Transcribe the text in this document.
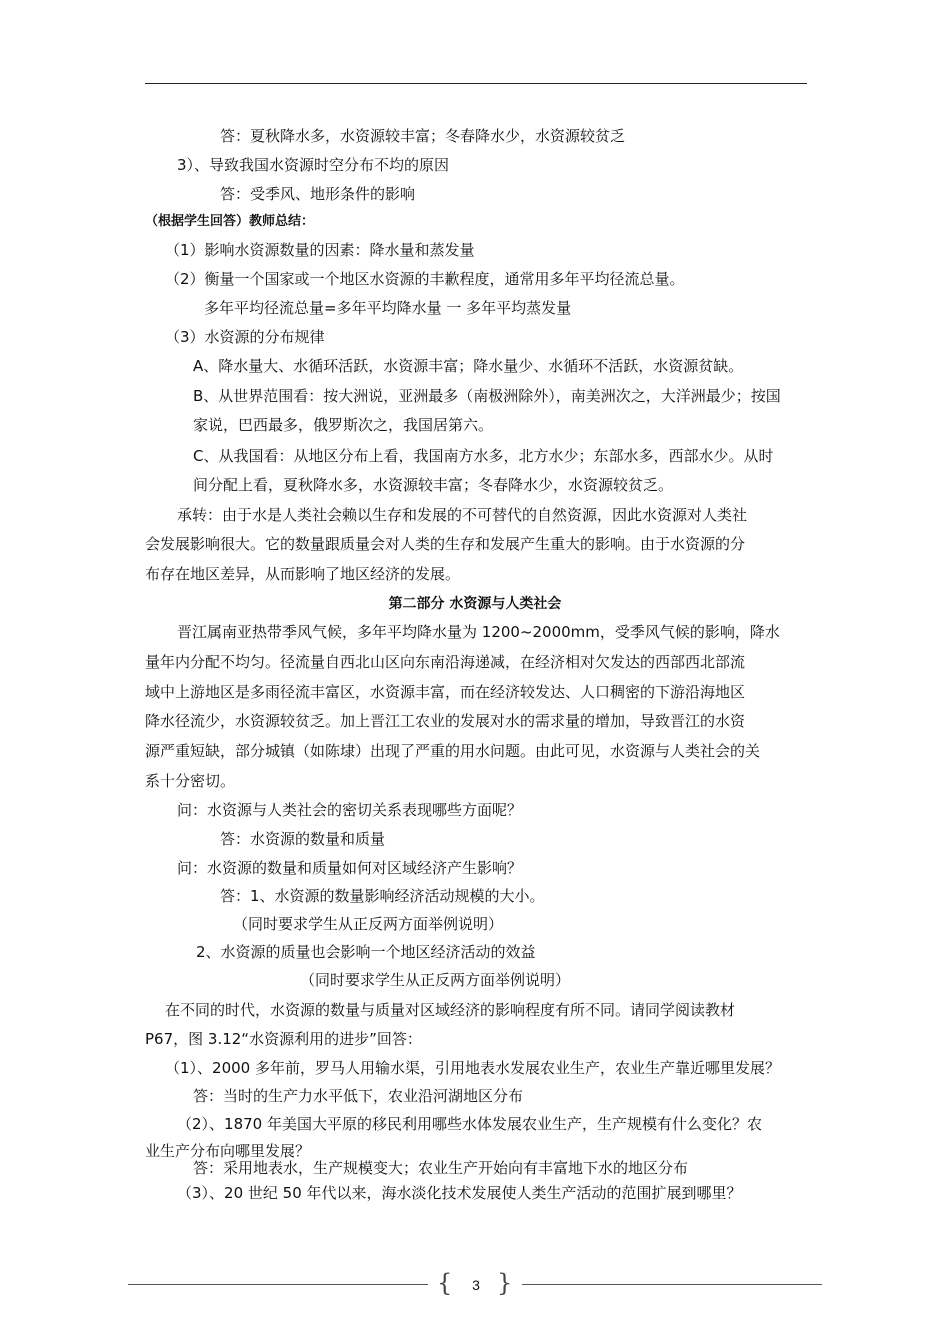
答：夏秋降水多，水资源较丰富；冬春降水少，水资源较贫乏
3）、导致我国水资源时空分布不均的原因
答：受季风、地形条件的影响
（根据学生回答）教师总结：
（1）影响水资源数量的因素：降水量和蒸发量
（2）衡量一个国家或一个地区水资源的丰歉程度，通常用多年平均径流总量。
多年平均径流总量=多年平均降水量 一 多年平均蒸发量
（3）水资源的分布规律
A、降水量大、水循环活跃，水资源丰富；降水量少、水循环不活跃，水资源贫缺。
B、从世界范围看：按大洲说，亚洲最多（南极洲除外），南美洲次之，大洋洲最少；按国
家说，巴西最多，俄罗斯次之，我国居第六。
C、从我国看：从地区分布上看，我国南方水多，北方水少；东部水多，西部水少。从时
间分配上看，夏秋降水多，水资源较丰富；冬春降水少，水资源较贫乏。
承转：由于水是人类社会赖以生存和发展的不可替代的自然资源，因此水资源对人类社
会发展影响很大。它的数量跟质量会对人类的生存和发展产生重大的影响。由于水资源的分
布存在地区差异，从而影响了地区经济的发展。
第二部分 水资源与人类社会
晋江属南亚热带季风气候，多年平均降水量为 1200~2000mm，受季风气候的影响，降水
量年内分配不均匀。径流量自西北山区向东南沿海递减，在经济相对欠发达的西部西北部流
域中上游地区是多雨径流丰富区，水资源丰富，而在经济较发达、人口稠密的下游沿海地区
降水径流少，水资源较贫乏。加上晋江工农业的发展对水的需求量的增加，导致晋江的水资
源严重短缺，部分城镇（如陈埭）出现了严重的用水问题。由此可见，水资源与人类社会的关
系十分密切。
问：水资源与人类社会的密切关系表现哪些方面呢？
答：水资源的数量和质量
问：水资源的数量和质量如何对区域经济产生影响？
答：1、水资源的数量影响经济活动规模的大小。
（同时要求学生从正反两方面举例说明）
2、水资源的质量也会影响一个地区经济活动的效益
（同时要求学生从正反两方面举例说明）
在不同的时代，水资源的数量与质量对区域经济的影响程度有所不同。请同学阅读教材
P67，图 3.12“水资源利用的进步”回答：
（1）、2000 多年前，罗马人用输水渠，引用地表水发展农业生产，农业生产靠近哪里发展？
答：当时的生产力水平低下，农业沿河湖地区分布
（2）、1870 年美国大平原的移民利用哪些水体发展农业生产，生产规模有什么变化？农
业生产分布向哪里发展？
答：采用地表水，生产规模变大；农业生产开始向有丰富地下水的地区分布
（3）、20 世纪 50 年代以来，海水淡化技术发展使人类生产活动的范围扩展到哪里？
{ }
3
